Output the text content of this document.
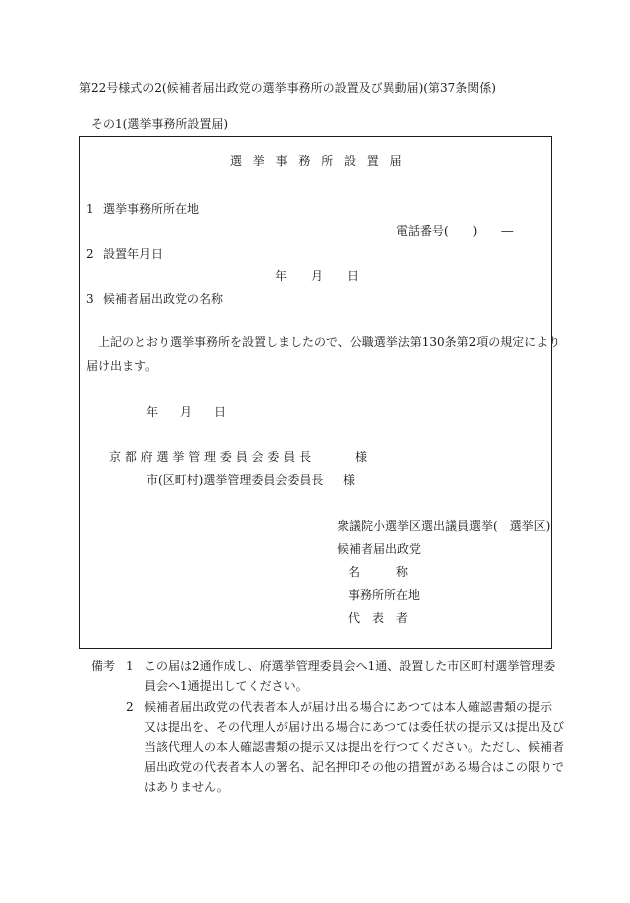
第22号様式の2(候補者届出政党の選挙事務所の設置及び異動届)(第37条関係)
その1(選挙事務所設置届)
選挙事務所設置届
1 選挙事務所所在地
電話番号(　　)　　―
2 設置年月日
年 月 日
3 候補者届出政党の名称
上記のとおり選挙事務所を設置しましたので、公職選挙法第130条第2項の規定により
届け出ます。
年 月 日
京都府選挙管理委員会委員長	様
市(区町村)選挙管理委員会委員長 様
衆議院小選挙区選出議員選挙(　選挙区)
候補者届出政党
名　　　称
事務所所在地
代　表　者
備考 1 この届は2通作成し、府選挙管理委員会へ1通、設置した市区町村選挙管理委
員会へ1通提出してください。
2 候補者届出政党の代表者本人が届け出る場合にあつては本人確認書類の提示
又は提出を、その代理人が届け出る場合にあつては委任状の提示又は提出及び
当該代理人の本人確認書類の提示又は提出を行つてください。ただし、候補者
届出政党の代表者本人の署名、記名押印その他の措置がある場合はこの限りで
はありません。
